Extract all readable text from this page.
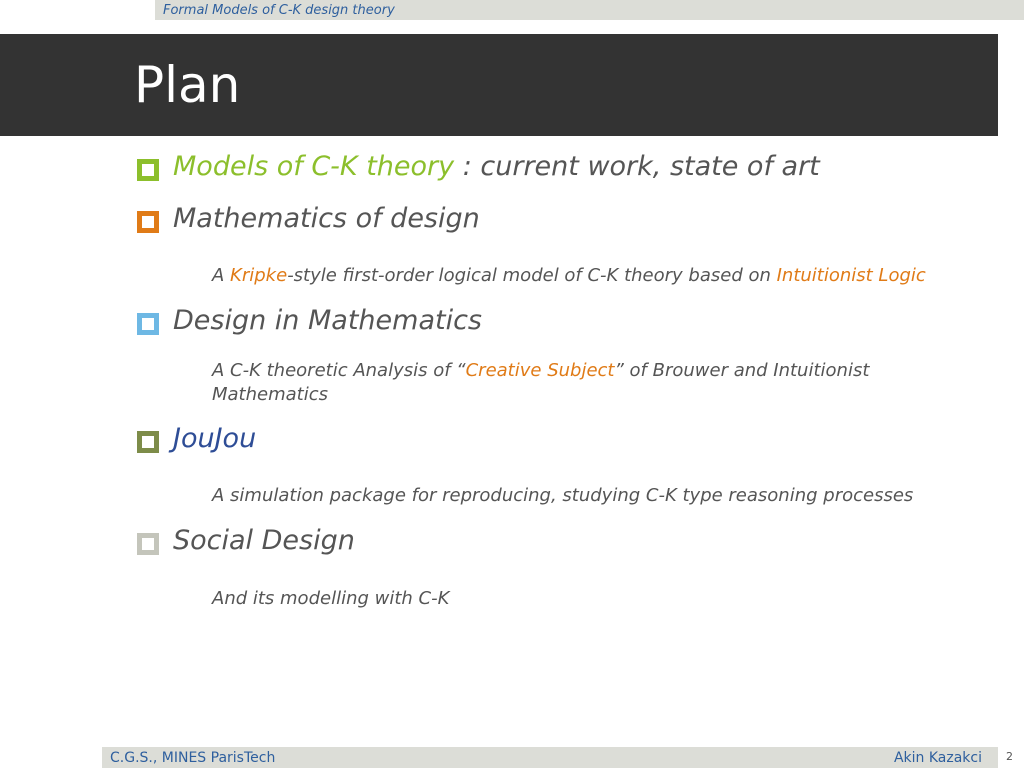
Formal Models of C-K design theory
Plan
Models of C-K theory : current work, state of art
Mathematics of design
A Kripke-style first-order logical model of C-K theory based on Intuitionist Logic
Design in Mathematics
A C-K theoretic Analysis of “Creative Subject” of Brouwer and Intuitionist Mathematics
JouJou
A simulation package for reproducing, studying C-K type reasoning processes
Social Design
And its modelling with C-K
C.G.S., MINES ParisTech	Akin Kazakci 2
